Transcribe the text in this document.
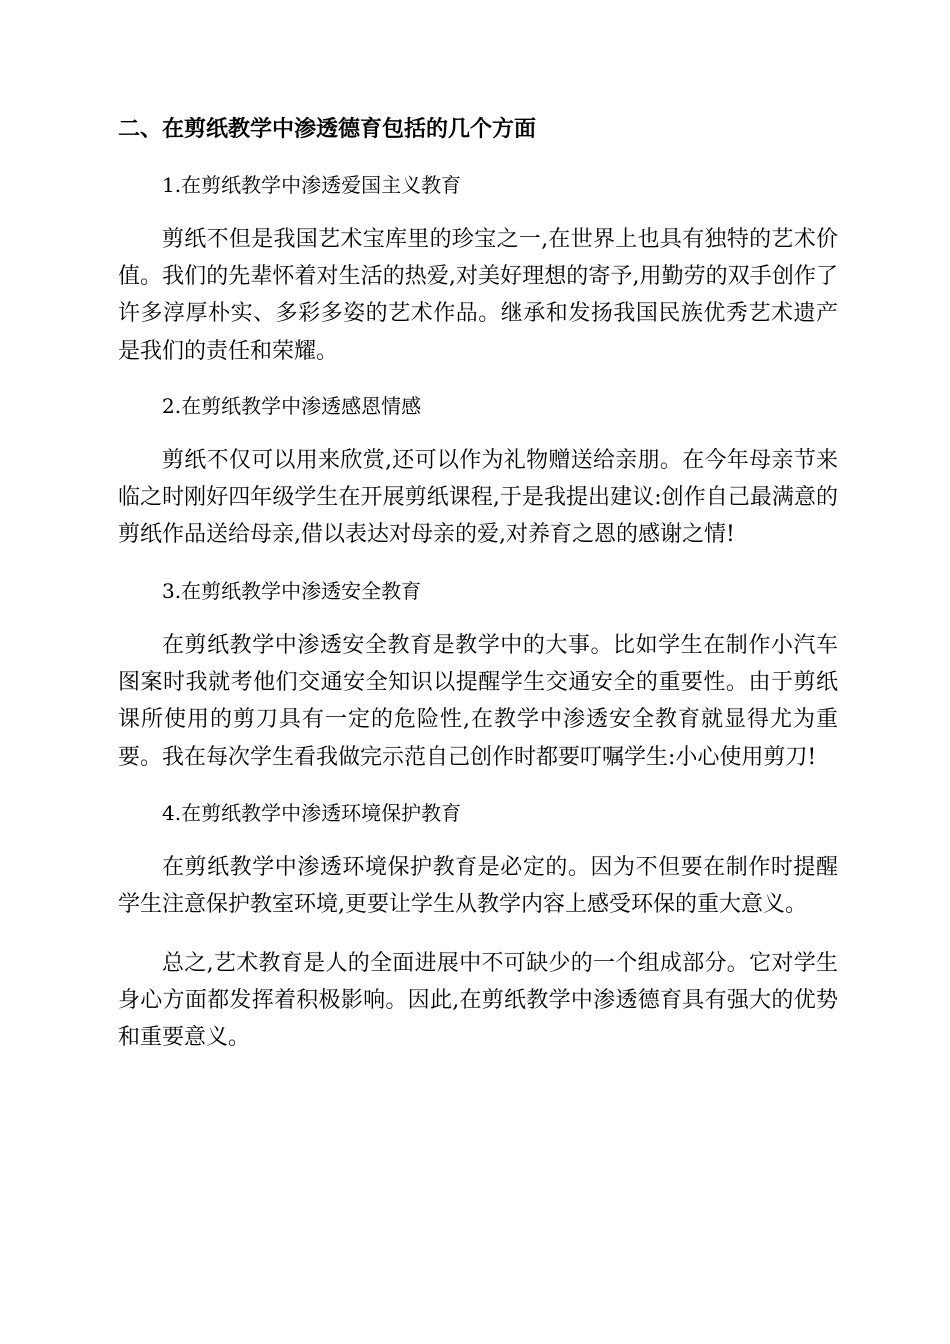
二、在剪纸教学中渗透德育包括的几个方面
1.在剪纸教学中渗透爱国主义教育

剪纸不但是我国艺术宝库里的珍宝之一,在世界上也具有独特的艺术价值。我们的先辈怀着对生活的热爱,对美好理想的寄予,用勤劳的双手创作了许多淳厚朴实、多彩多姿的艺术作品。继承和发扬我国民族优秀艺术遗产是我们的责任和荣耀。

2.在剪纸教学中渗透感恩情感

剪纸不仅可以用来欣赏,还可以作为礼物赠送给亲朋。在今年母亲节来临之时刚好四年级学生在开展剪纸课程,于是我提出建议:创作自己最满意的剪纸作品送给母亲,借以表达对母亲的爱,对养育之恩的感谢之情!

3.在剪纸教学中渗透安全教育

在剪纸教学中渗透安全教育是教学中的大事。比如学生在制作小汽车图案时我就考他们交通安全知识以提醒学生交通安全的重要性。由于剪纸课所使用的剪刀具有一定的危险性,在教学中渗透安全教育就显得尤为重要。我在每次学生看我做完示范自己创作时都要叮嘱学生:小心使用剪刀!

4.在剪纸教学中渗透环境保护教育

在剪纸教学中渗透环境保护教育是必定的。因为不但要在制作时提醒学生注意保护教室环境,更要让学生从教学内容上感受环保的重大意义。

总之,艺术教育是人的全面进展中不可缺少的一个组成部分。它对学生身心方面都发挥着积极影响。因此,在剪纸教学中渗透德育具有强大的优势和重要意义。
